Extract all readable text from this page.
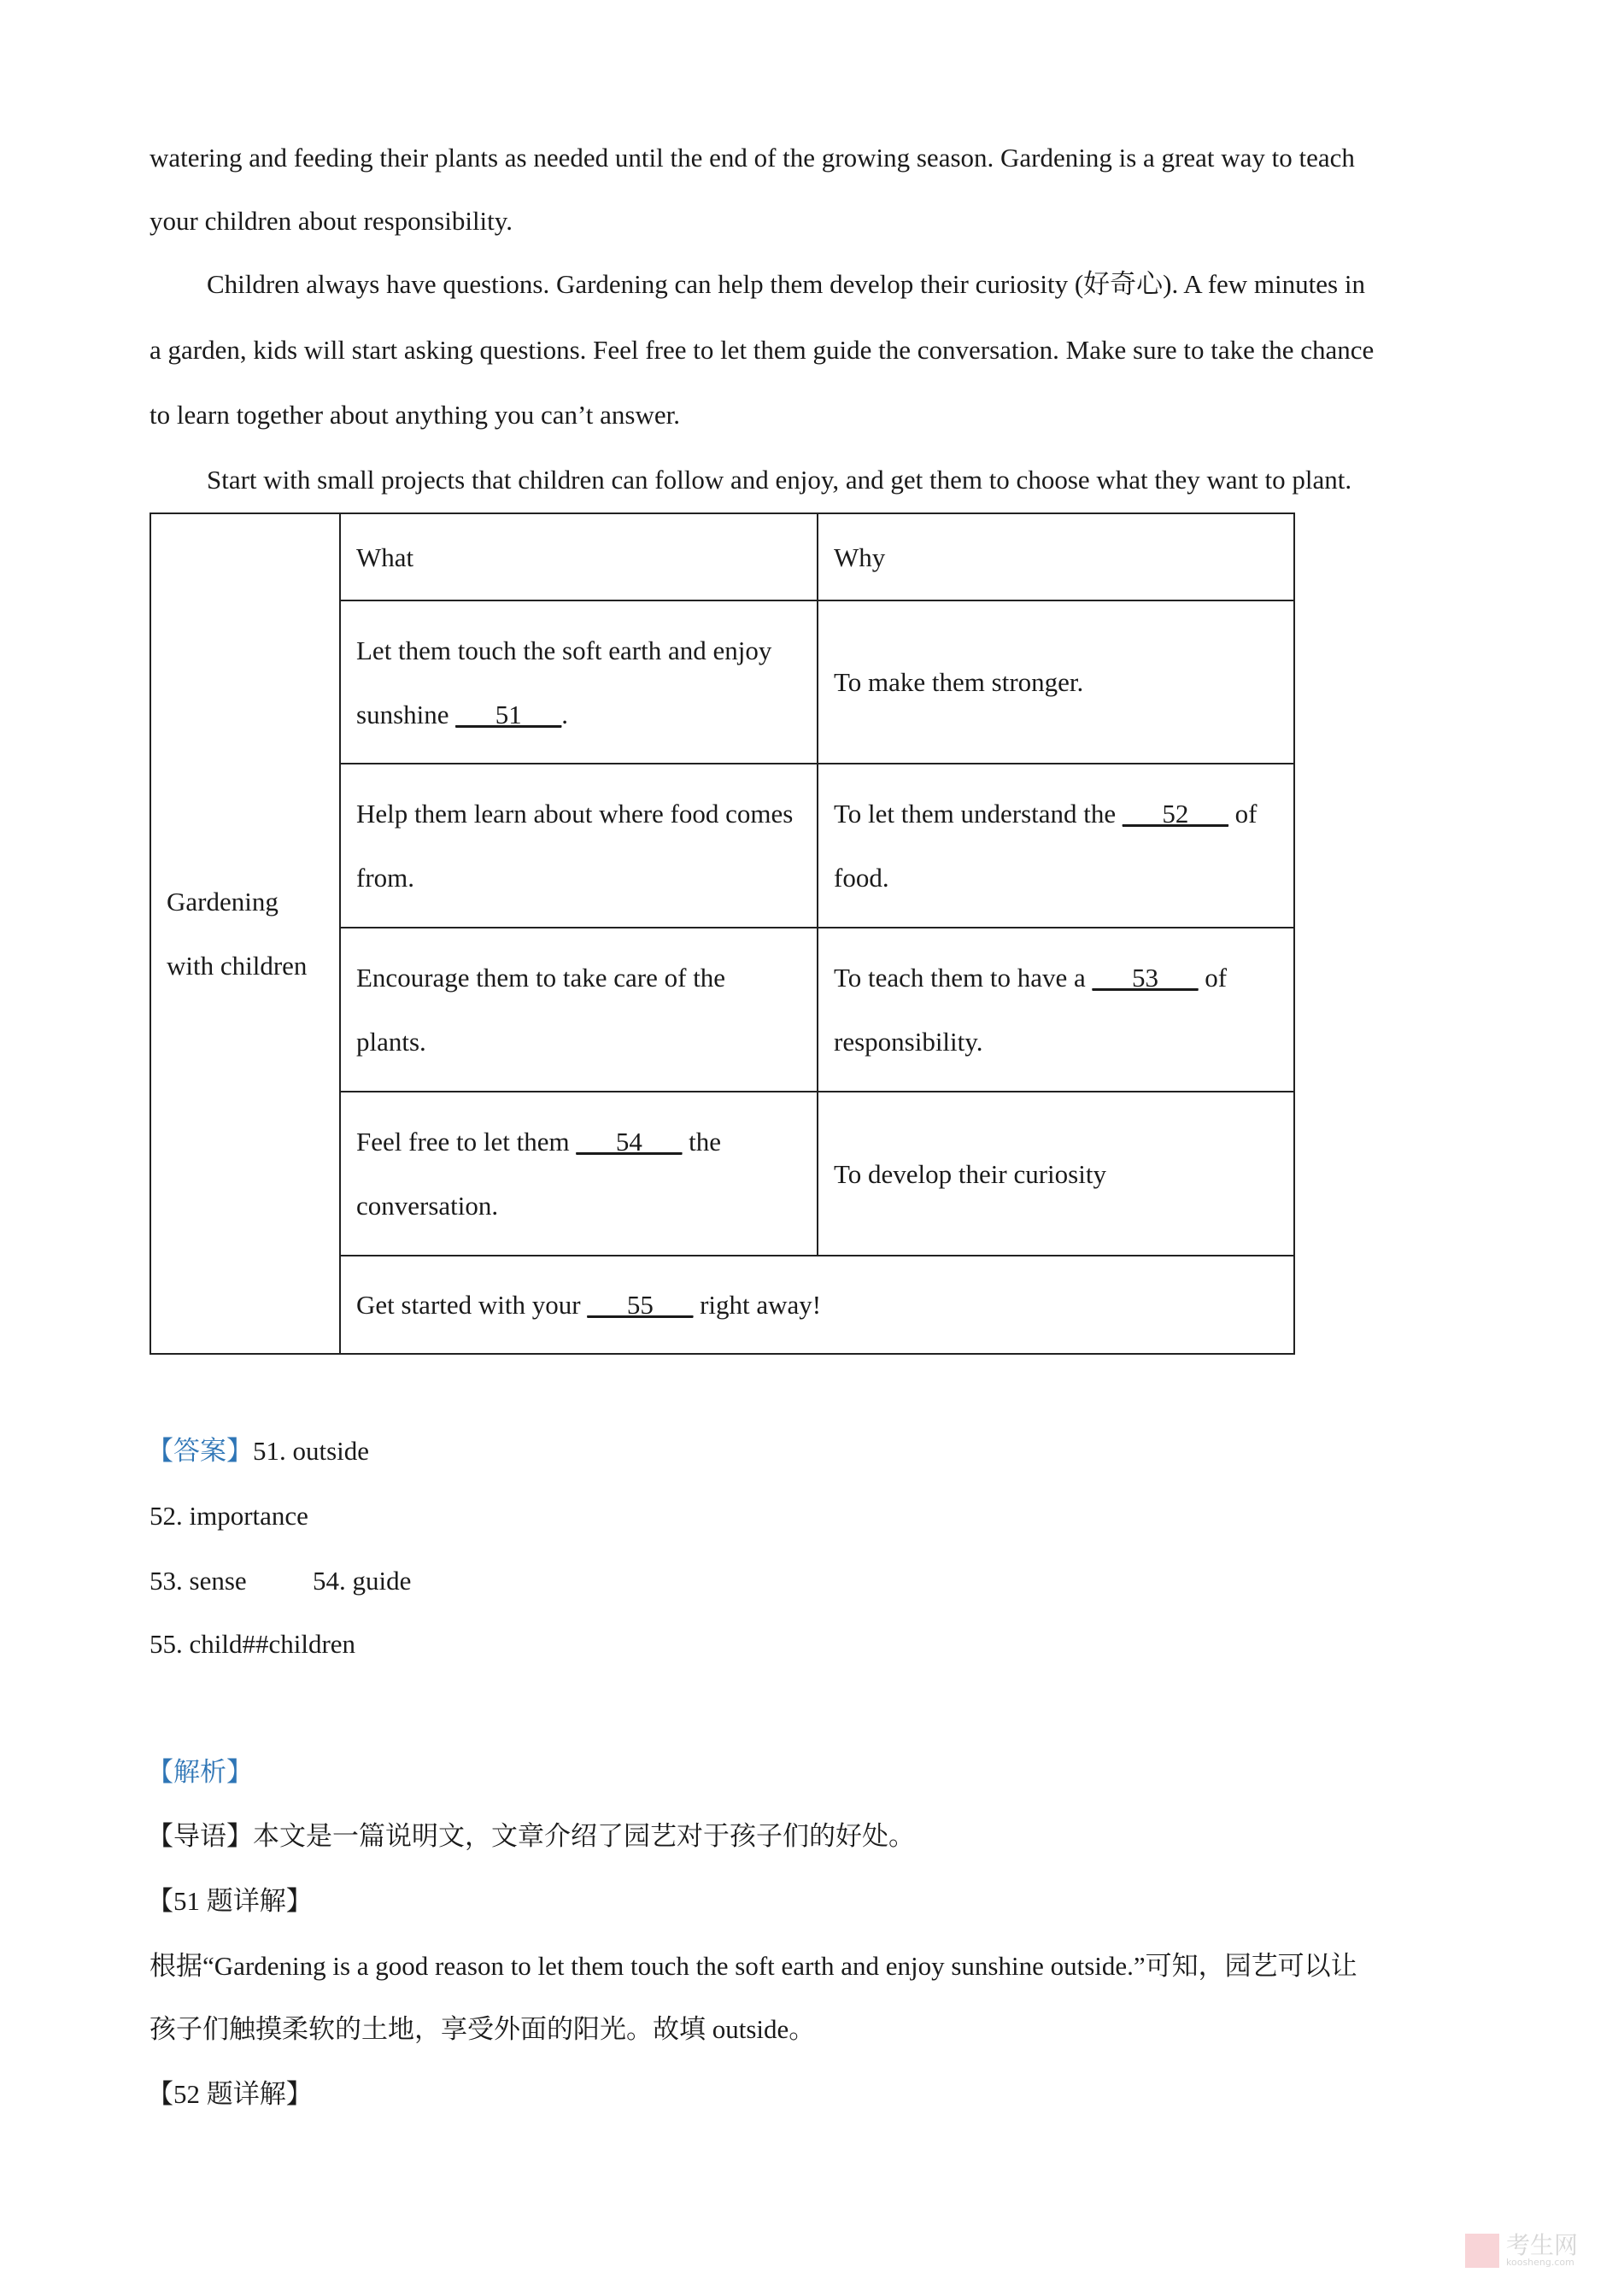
watering and feeding their plants as needed until the end of the growing season. Gardening is a great way to teach
your children about responsibility.
Children always have questions. Gardening can help them develop their curiosity (好奇心). A few minutes in
a garden, kids will start asking questions. Feel free to let them guide the conversation. Make sure to take the chance
to learn together about anything you can’t answer.
Start with small projects that children can follow and enjoy, and get them to choose what they want to plant.
Gardening with children	What	Why
	Let them touch the soft earth and enjoy sunshine ___51___.	To make them stronger.
	Help them learn about where food comes from.	To let them understand the ___52___ of food.
	Encourage them to take care of the plants.	To teach them to have a ___53___ of responsibility.
	Feel free to let them ___54___ the conversation.	To develop their curiosity
	Get started with your ___55___ right away!	
【答案】51. outside
52. importance
53. sense 54. guide
55. child##children
【解析】
【导语】本文是一篇说明文，文章介绍了园艺对于孩子们的好处。
【51 题详解】
根据“Gardening is a good reason to let them touch the soft earth and enjoy sunshine outside.”可知，园艺可以让
孩子们触摸柔软的土地，享受外面的阳光。故填 outside。
【52 题详解】
考生网
koosheng.com
